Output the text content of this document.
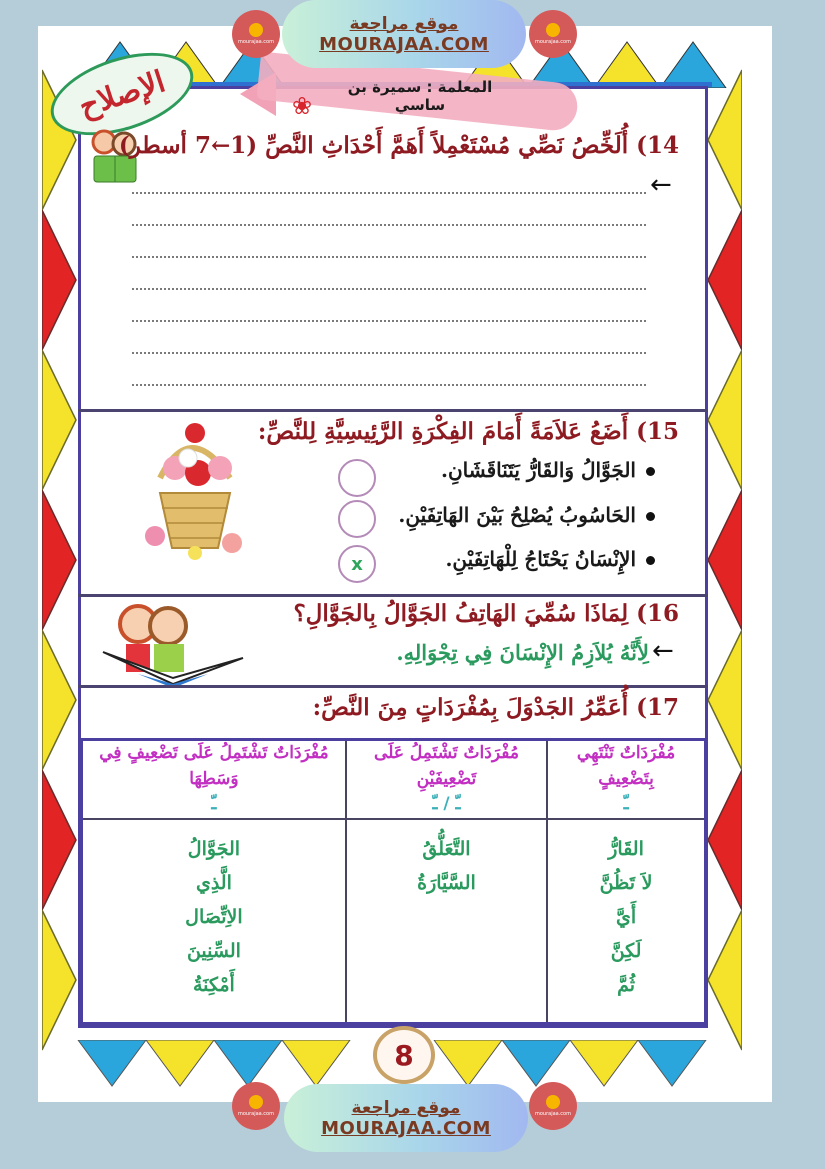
❀
المعلمة : سميرة بن ساسي
الإصلاح
14) أُلَخِّصُ نَصِّي مُسْتَعْمِلاً أَهَمَّ أَحْدَاثِ النَّصِّ (1←7 أسطر)
←
15) أَضَعُ عَلاَمَةً أَمَامَ الفِكْرَةِ الرَّئِيسِيَّةِ لِلنَّصِّ:
الجَوَّالُ وَالقَارُّ يَتَنَاقَشَانِ.
الحَاسُوبُ يُصْلِحُ بَيْنَ الهَاتِفَيْنِ.
الإِنْسَانُ يَحْتَاجُ لِلْهَاتِفَيْنِ.
x
16) لِمَاذَا سُمِّيَ الهَاتِفُ الجَوَّالُ بِالجَوَّالِ؟
←
لِأَنَّهُ يُلاَزِمُ الإِنْسَانَ فِي تِجْوَالِهِ.
17) أُعَمِّرُ الجَدْوَلَ بِمُفْرَدَاتٍ مِنَ النَّصِّ:
مُفْرَدَاتٌ تَنْتَهِي بِتَضْعِيفٍ
ـّ

مُفْرَدَاتٌ تَشْتَمِلُ عَلَى تَضْعِيفَيْنِ
ـّ / ـّ

مُفْرَدَاتٌ تَشْتَمِلُ عَلَى تَضْعِيفٍ فِي وَسَطِهَا
ـّ

القَارُّ
لاَ تَظُنَّ
أَيَّ
لَكِنَّ
ثُمَّ

التَّعَلُّقُ
السَّيَّارَةُ

الجَوَّالُ
الَّذِي
الاِتِّصَال
السِّنِينَ
أَمْكِنَةُ
8
mourajaa.com
موقع مراجعة
MOURAJAA.COM	mourajaa.com
mourajaa.com	موقع مراجعة
MOURAJAA.COM
mourajaa.com
